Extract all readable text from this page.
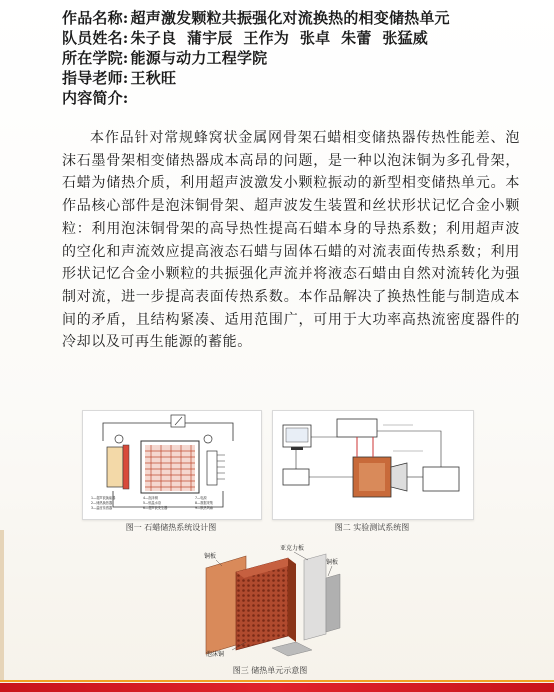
作品名称: 超声激发颗粒共振强化对流换热的相变储热单元
队员姓名: 朱子良  蒲宇辰  王作为  张卓  朱蕾  张猛威
所在学院: 能源与动力工程学院
指导老师: 王秋旺
内容简介:

本作品针对常规蜂窝状金属网骨架石蜡相变储热器传热性能差、泡沫石墨骨架相变储热器成本高昂的问题，是一种以泡沫铜为多孔骨架，石蜡为储热介质，利用超声波激发小颗粒振动的新型相变储热单元。本作品核心部件是泡沫铜骨架、超声波发生装置和丝状形状记忆合金小颗粒：利用泡沫铜骨架的高导热性提高石蜡本身的导热系数；利用超声波的空化和声流效应提高液态石蜡与固体石蜡的对流表面传热系数；利用形状记忆合金小颗粒的共振强化声流并将液态石蜡由自然对流转化为强制对流，进一步提高表面传热系数。本作品解决了换热性能与制造成本间的矛盾，且结构紧凑、适用范围广，可用于大功率高热流密度器件的冷却以及可再生能源的蓄能。

1—超声波换能器
2—储热换热器
3—温度传感器
4—泡沫铜
5—恒温水浴
6—超声波发生器
7—电源
8—数据采集
9—散热风扇
图一 石蜡储热系统设计图	图二 实验测试系统图
铜板
亚克力板
铜板
泡沫铜
图三 储热单元示意图
